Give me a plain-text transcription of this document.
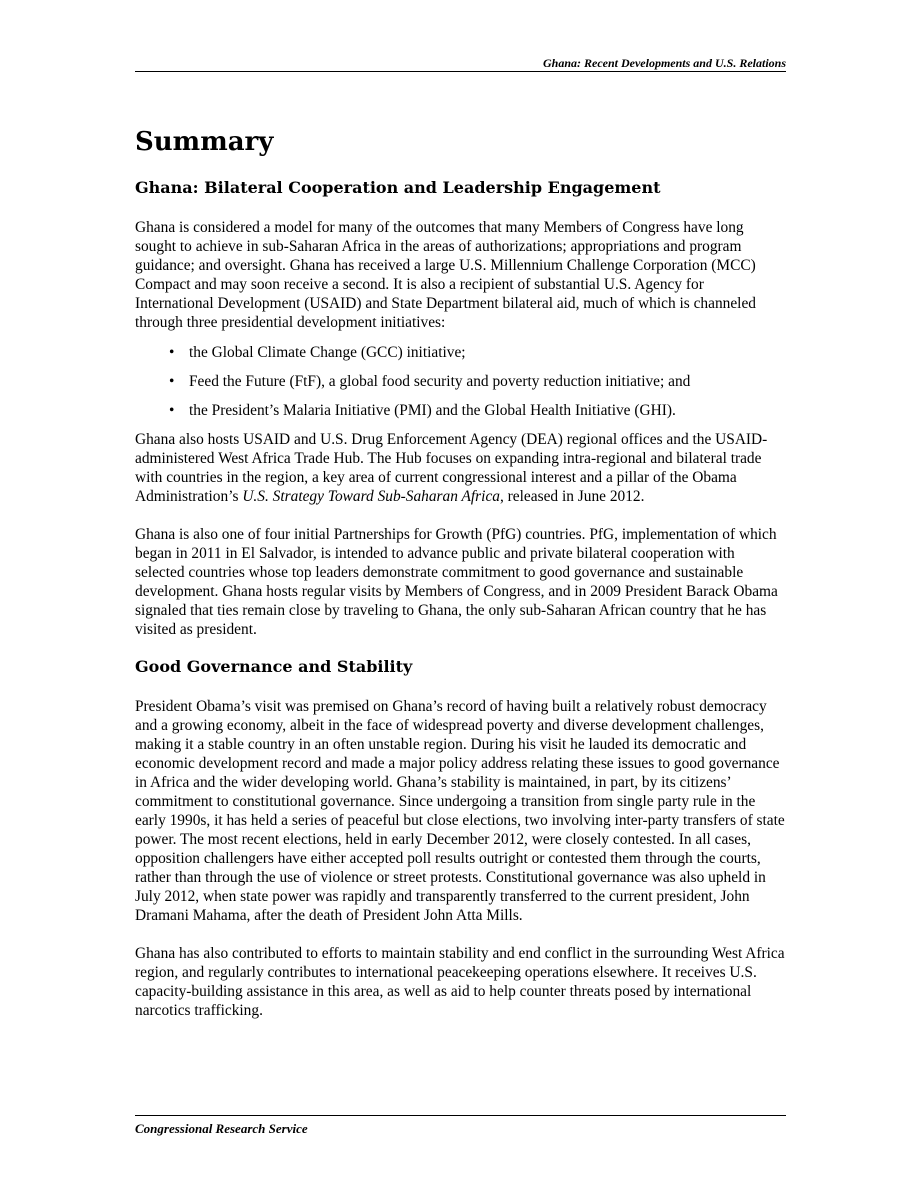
Ghana: Recent Developments and U.S. Relations
Summary
Ghana: Bilateral Cooperation and Leadership Engagement

Ghana is considered a model for many of the outcomes that many Members of Congress have long sought to achieve in sub-Saharan Africa in the areas of authorizations; appropriations and program guidance; and oversight. Ghana has received a large U.S. Millennium Challenge Corporation (MCC) Compact and may soon receive a second. It is also a recipient of substantial U.S. Agency for International Development (USAID) and State Department bilateral aid, much of which is channeled through three presidential development initiatives:

• the Global Climate Change (GCC) initiative;
• Feed the Future (FtF), a global food security and poverty reduction initiative; and
• the President’s Malaria Initiative (PMI) and the Global Health Initiative (GHI).

Ghana also hosts USAID and U.S. Drug Enforcement Agency (DEA) regional offices and the USAID-administered West Africa Trade Hub. The Hub focuses on expanding intra-regional and bilateral trade with countries in the region, a key area of current congressional interest and a pillar of the Obama Administration’s U.S. Strategy Toward Sub-Saharan Africa, released in June 2012.

Ghana is also one of four initial Partnerships for Growth (PfG) countries. PfG, implementation of which began in 2011 in El Salvador, is intended to advance public and private bilateral cooperation with selected countries whose top leaders demonstrate commitment to good governance and sustainable development. Ghana hosts regular visits by Members of Congress, and in 2009 President Barack Obama signaled that ties remain close by traveling to Ghana, the only sub-Saharan African country that he has visited as president.

Good Governance and Stability

President Obama’s visit was premised on Ghana’s record of having built a relatively robust democracy and a growing economy, albeit in the face of widespread poverty and diverse development challenges, making it a stable country in an often unstable region. During his visit he lauded its democratic and economic development record and made a major policy address relating these issues to good governance in Africa and the wider developing world. Ghana’s stability is maintained, in part, by its citizens’ commitment to constitutional governance. Since undergoing a transition from single party rule in the early 1990s, it has held a series of peaceful but close elections, two involving inter-party transfers of state power. The most recent elections, held in early December 2012, were closely contested. In all cases, opposition challengers have either accepted poll results outright or contested them through the courts, rather than through the use of violence or street protests. Constitutional governance was also upheld in July 2012, when state power was rapidly and transparently transferred to the current president, John Dramani Mahama, after the death of President John Atta Mills.

Ghana has also contributed to efforts to maintain stability and end conflict in the surrounding West Africa region, and regularly contributes to international peacekeeping operations elsewhere. It receives U.S. capacity-building assistance in this area, as well as aid to help counter threats posed by international narcotics trafficking.

Congressional Research Service
